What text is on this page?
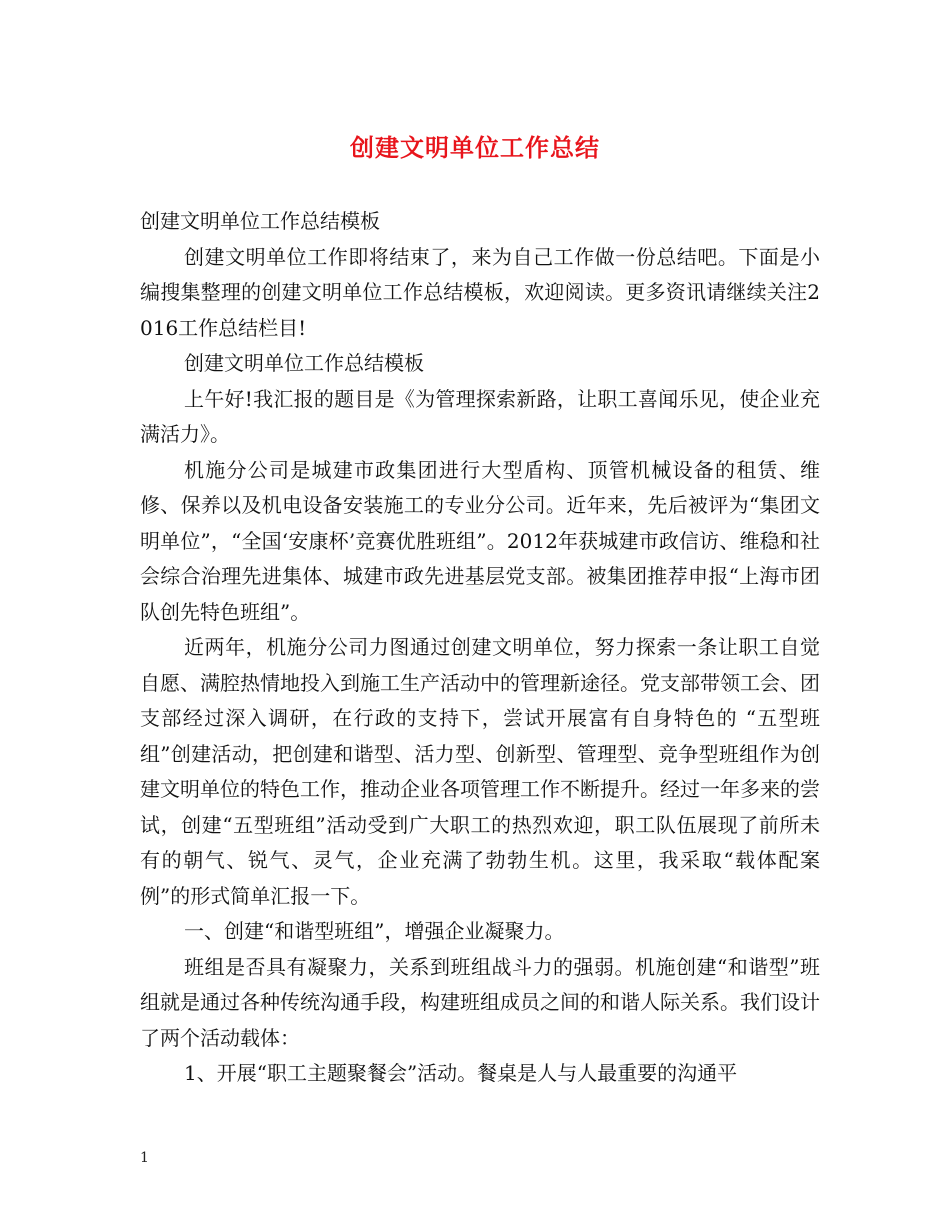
创建文明单位工作总结

创建文明单位工作总结模板

创建文明单位工作即将结束了，来为自己工作做一份总结吧。下面是小编搜集整理的创建文明单位工作总结模板，欢迎阅读。更多资讯请继续关注2016工作总结栏目!

创建文明单位工作总结模板

上午好!我汇报的题目是《为管理探索新路，让职工喜闻乐见，使企业充满活力》。

机施分公司是城建市政集团进行大型盾构、顶管机械设备的租赁、维修、保养以及机电设备安装施工的专业分公司。近年来，先后被评为“集团文明单位”，“全国‘安康杯’竞赛优胜班组”。2012年获城建市政信访、维稳和社会综合治理先进集体、城建市政先进基层党支部。被集团推荐申报“上海市团队创先特色班组”。

近两年，机施分公司力图通过创建文明单位，努力探索一条让职工自觉自愿、满腔热情地投入到施工生产活动中的管理新途径。党支部带领工会、团支部经过深入调研，在行政的支持下，尝试开展富有自身特色的 “五型班组”创建活动，把创建和谐型、活力型、创新型、管理型、竞争型班组作为创建文明单位的特色工作，推动企业各项管理工作不断提升。经过一年多来的尝试，创建“五型班组”活动受到广大职工的热烈欢迎，职工队伍展现了前所未有的朝气、锐气、灵气，企业充满了勃勃生机。这里，我采取“载体配案例”的形式简单汇报一下。

一、创建“和谐型班组”，增强企业凝聚力。

班组是否具有凝聚力，关系到班组战斗力的强弱。机施创建“和谐型”班组就是通过各种传统沟通手段，构建班组成员之间的和谐人际关系。我们设计了两个活动载体：

1、开展“职工主题聚餐会”活动。餐桌是人与人最重要的沟通平

1
